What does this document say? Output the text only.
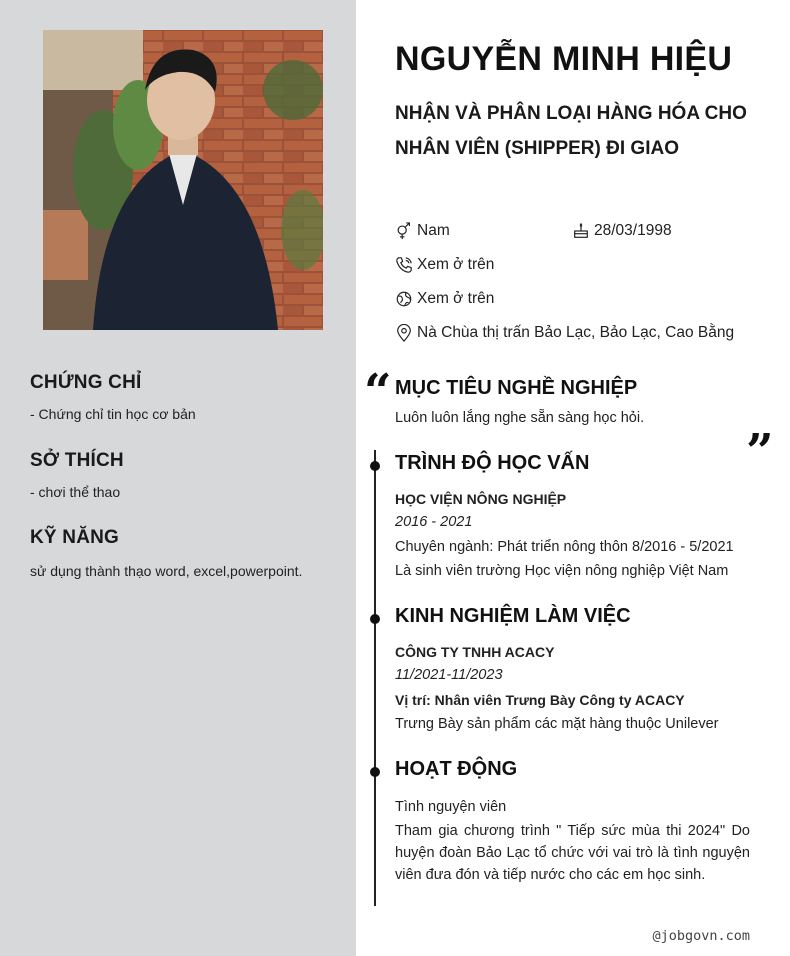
CHỨNG CHỈ
- Chứng chỉ tin học cơ bản
SỞ THÍCH
- chơi thể thao
KỸ NĂNG
sử dụng thành thạo word, excel,powerpoint.
NGUYỄN MINH HIỆU
NHẬN VÀ PHÂN LOẠI HÀNG HÓA CHO NHÂN VIÊN (SHIPPER) ĐI GIAO
Nam	28/03/1998
Xem ở trên
Xem ở trên
Nà Chùa thị trấn Bảo Lạc, Bảo Lạc, Cao Bằng
“ MỤC TIÊU NGHỀ NGHIỆP
Luôn luôn lắng nghe sẵn sàng học hỏi.
”
TRÌNH ĐỘ HỌC VẤN
HỌC VIỆN NÔNG NGHIỆP
2016 - 2021
Chuyên ngành: Phát triển nông thôn 8/2016 - 5/2021
Là sinh viên trường Học viện nông nghiệp Việt Nam
KINH NGHIỆM LÀM VIỆC
CÔNG TY TNHH ACACY
11/2021-11/2023
Vị trí: Nhân viên Trưng Bày Công ty ACACY
Trưng Bày sản phẩm các mặt hàng thuộc Unilever
HOẠT ĐỘNG
Tình nguyện viên
Tham gia chương trình " Tiếp sức mùa thi 2024" Do huyện đoàn Bảo Lạc tổ chức với vai trò là tình nguyện viên đưa đón và tiếp nước cho các em học sinh.
@jobgovn.com
